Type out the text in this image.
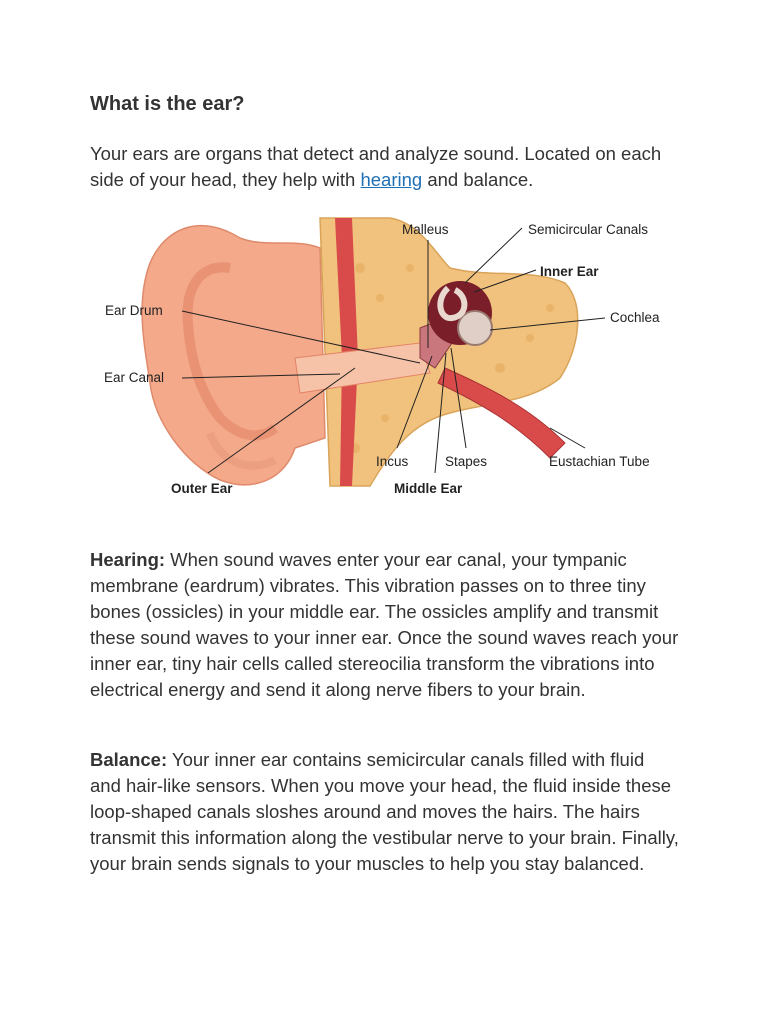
What is the ear?

Your ears are organs that detect and analyze sound. Located on each side of your head, they help with hearing and balance.

Malleus	Semicircular Canals
Inner Ear
Cochlea
Ear Drum
Ear Canal
Incus	Stapes	Eustachian Tube
Outer Ear	Middle Ear

Hearing: When sound waves enter your ear canal, your tympanic membrane (eardrum) vibrates. This vibration passes on to three tiny bones (ossicles) in your middle ear. The ossicles amplify and transmit these sound waves to your inner ear. Once the sound waves reach your inner ear, tiny hair cells called stereocilia transform the vibrations into electrical energy and send it along nerve fibers to your brain.

Balance: Your inner ear contains semicircular canals filled with fluid and hair-like sensors. When you move your head, the fluid inside these loop-shaped canals sloshes around and moves the hairs. The hairs transmit this information along the vestibular nerve to your brain. Finally, your brain sends signals to your muscles to help you stay balanced.
